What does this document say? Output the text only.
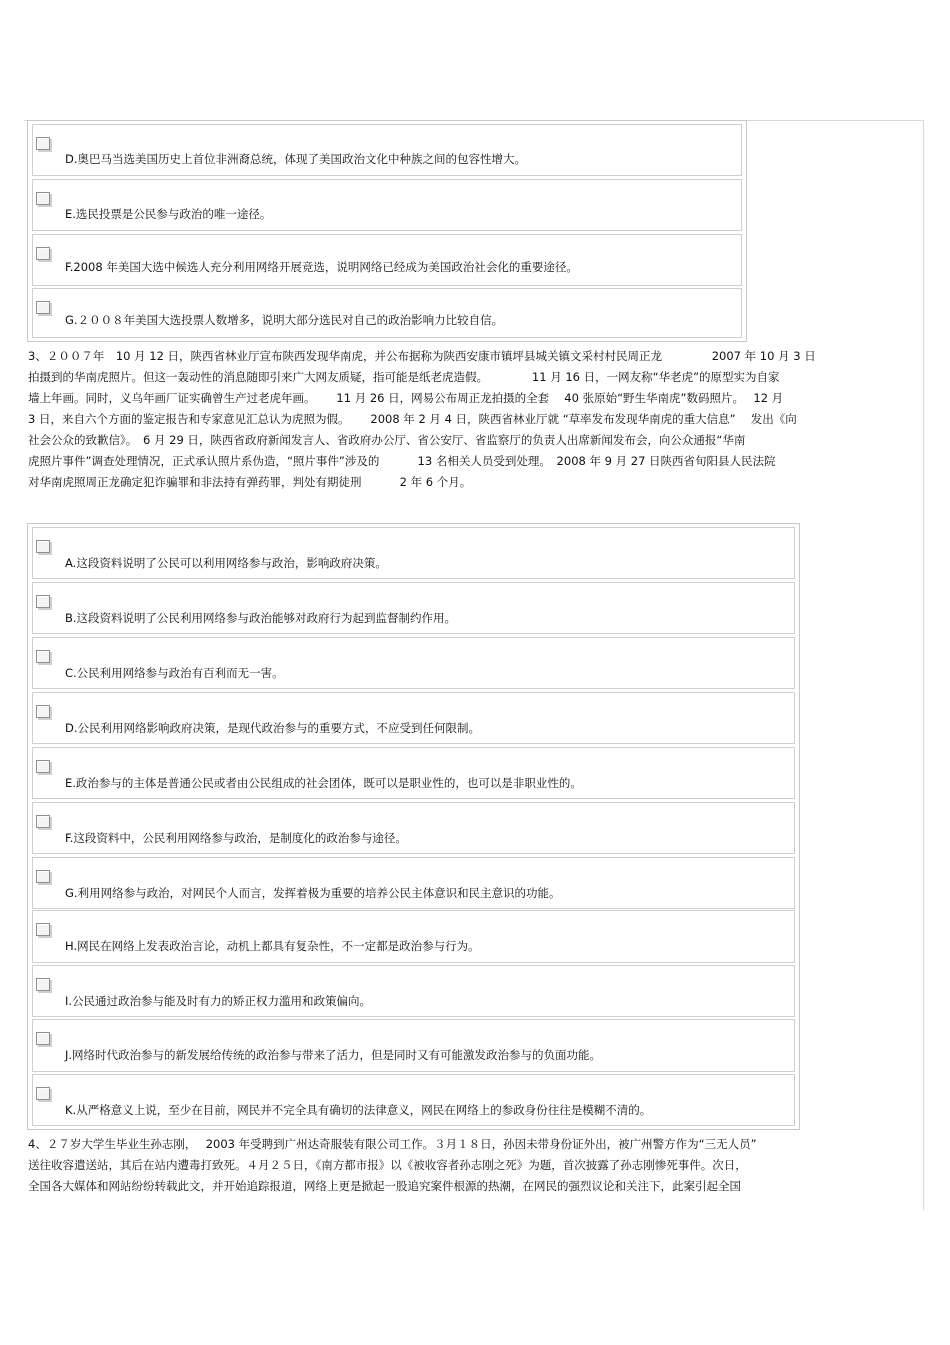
D.奥巴马当选美国历史上首位非洲裔总统，体现了美国政治文化中种族之间的包容性增大。
E.选民投票是公民参与政治的唯一途径。
F.2008 年美国大选中候选人充分利用网络开展竞选，说明网络已经成为美国政治社会化的重要途径。
G.２００８年美国大选投票人数增多，说明大部分选民对自己的政治影响力比较自信。
3、２００７年　10 月 12 日，陕西省林业厅宣布陕西发现华南虎，并公布据称为陕西安康市镇坪县城关镇文采村村民周正龙　　　　 2007 年 10 月 3 日
拍摄到的华南虎照片。但这一轰动性的消息随即引来广大网友质疑，指可能是纸老虎造假。　　　　 11 月 16 日，一网友称“华老虎”的原型实为自家
墙上年画。同时，义乌年画厂证实确曾生产过老虎年画。　　 11 月 26 日，网易公布周正龙拍摄的全套　 40 张原始“野生华南虎”数码照片。　 12 月
3 日，来自六个方面的鉴定报告和专家意见汇总认为虎照为假。　　 2008 年 2 月 4 日，陕西省林业厅就 “草率发布发现华南虎的重大信息”　 发出《向
社会公众的致歉信》。　6 月 29 日，陕西省政府新闻发言人、省政府办公厅、省公安厅、省监察厅的负责人出席新闻发布会，向公众通报“华南
虎照片事件”调查处理情况，正式承认照片系伪造，“照片事件”涉及的　　　 13 名相关人员受到处理。　2008 年 9 月 27 日陕西省旬阳县人民法院
对华南虎照周正龙确定犯诈骗罪和非法持有弹药罪，判处有期徒刑　　　 2 年 6 个月。
A.这段资料说明了公民可以利用网络参与政治，影响政府决策。
B.这段资料说明了公民利用网络参与政治能够对政府行为起到监督制约作用。
C.公民利用网络参与政治有百利而无一害。
D.公民利用网络影响政府决策，是现代政治参与的重要方式，不应受到任何限制。
E.政治参与的主体是普通公民或者由公民组成的社会团体，既可以是职业性的，也可以是非职业性的。
F.这段资料中，公民利用网络参与政治，是制度化的政治参与途径。
G.利用网络参与政治，对网民个人而言，发挥着极为重要的培养公民主体意识和民主意识的功能。
H.网民在网络上发表政治言论，动机上都具有复杂性，不一定都是政治参与行为。
I.公民通过政治参与能及时有力的矫正权力滥用和政策偏向。
J.网络时代政治参与的新发展给传统的政治参与带来了活力，但是同时又有可能激发政治参与的负面功能。
K.从严格意义上说，至少在目前，网民并不完全具有确切的法律意义，网民在网络上的参政身份往往是模糊不清的。
4、２７岁大学生毕业生孙志刚，　 2003 年受聘到广州达奇服装有限公司工作。３月１８日，孙因未带身份证外出，被广州警方作为“三无人员”
送往收容遣送站，其后在站内遭毒打致死。４月２５日，《南方都市报》以《被收容者孙志刚之死》为题，首次披露了孙志刚惨死事件。次日，
全国各大媒体和网站纷纷转载此文，并开始追踪报道，网络上更是掀起一股追究案件根源的热潮，在网民的强烈议论和关注下，此案引起全国
